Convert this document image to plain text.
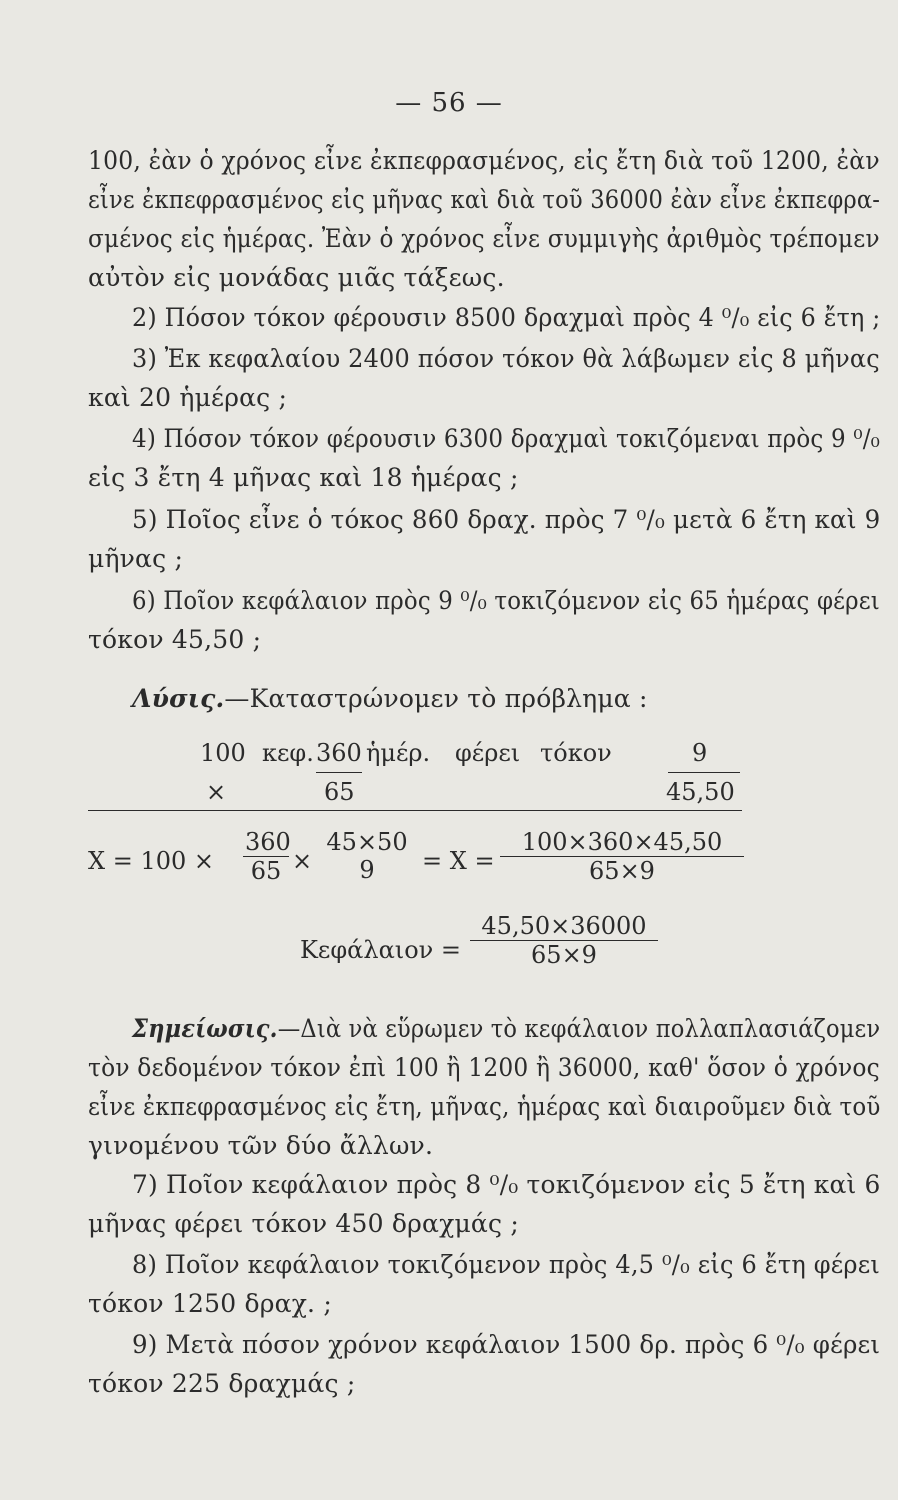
— 56 —
100, ἐὰν ὁ χρόνος εἶνε ἐκπεφρασμένος, εἰς ἔτη διὰ τοῦ 1200, ἐὰν
εἶνε ἐκπεφρασμένος εἰς μῆνας καὶ διὰ τοῦ 36000 ἐὰν εἶνε ἐκπεφρα-
σμένος εἰς ἡμέρας. Ἐὰν ὁ χρόνος εἶνε συμμιγὴς ἀριθμὸς τρέπομεν
αὐτὸν εἰς μονάδας μιᾶς τάξεως.
2) Πόσον τόκον φέρουσιν 8500 δραχμαὶ πρὸς 4 ⁰/₀ εἰς 6 ἔτη ;
3) Ἐκ κεφαλαίου 2400 πόσον τόκον θὰ λάβωμεν εἰς 8 μῆνας
καὶ 20 ἡμέρας ;
4) Πόσον τόκον φέρουσιν 6300 δραχμαὶ τοκιζόμεναι πρὸς 9 ⁰/₀
εἰς 3 ἔτη 4 μῆνας καὶ 18 ἡμέρας ;
5) Ποῖος εἶνε ὁ τόκος 860 δραχ. πρὸς 7 ⁰/₀ μετὰ 6 ἔτη καὶ 9
μῆνας ;
6) Ποῖον κεφάλαιον πρὸς 9 ⁰/₀ τοκιζόμενον εἰς 65 ἡμέρας φέρει
τόκον 45,50 ;
Λύσις.—Καταστρώνομεν τὸ πρόβλημα :
100 κεφ. 360 ἡμέρ. φέρει τόκον	9
×	65	45,50
$X = 100 \times \frac{360}{65}$ ×
45×50
9	= $X = \frac{100\times 360\times 45,50}{65\times 9}$
$K\varepsilon\varphi ά\lambda\alpha\iota o\nu = \frac{45,50\times 36000}{65\times 9}$
Σημείωσις.—Διὰ νὰ εὕρωμεν τὸ κεφάλαιον πολλαπλασιάζομεν
τὸν δεδομένον τόκον ἐπὶ 100 ἢ 1200 ἢ 36000, καθ' ὅσον ὁ χρόνος
εἶνε ἐκπεφρασμένος εἰς ἔτη, μῆνας, ἡμέρας καὶ διαιροῦμεν διὰ τοῦ
γινομένου τῶν δύο ἄλλων.
7) Ποῖον κεφάλαιον πρὸς 8 ⁰/₀ τοκιζόμενον εἰς 5 ἔτη καὶ 6
μῆνας φέρει τόκον 450 δραχμάς ;
8) Ποῖον κεφάλαιον τοκιζόμενον πρὸς 4,5 ⁰/₀ εἰς 6 ἔτη φέρει
τόκον 1250 δραχ. ;
9) Μετὰ πόσον χρόνον κεφάλαιον 1500 δρ. πρὸς 6 ⁰/₀ φέρει
τόκον 225 δραχμάς ;
